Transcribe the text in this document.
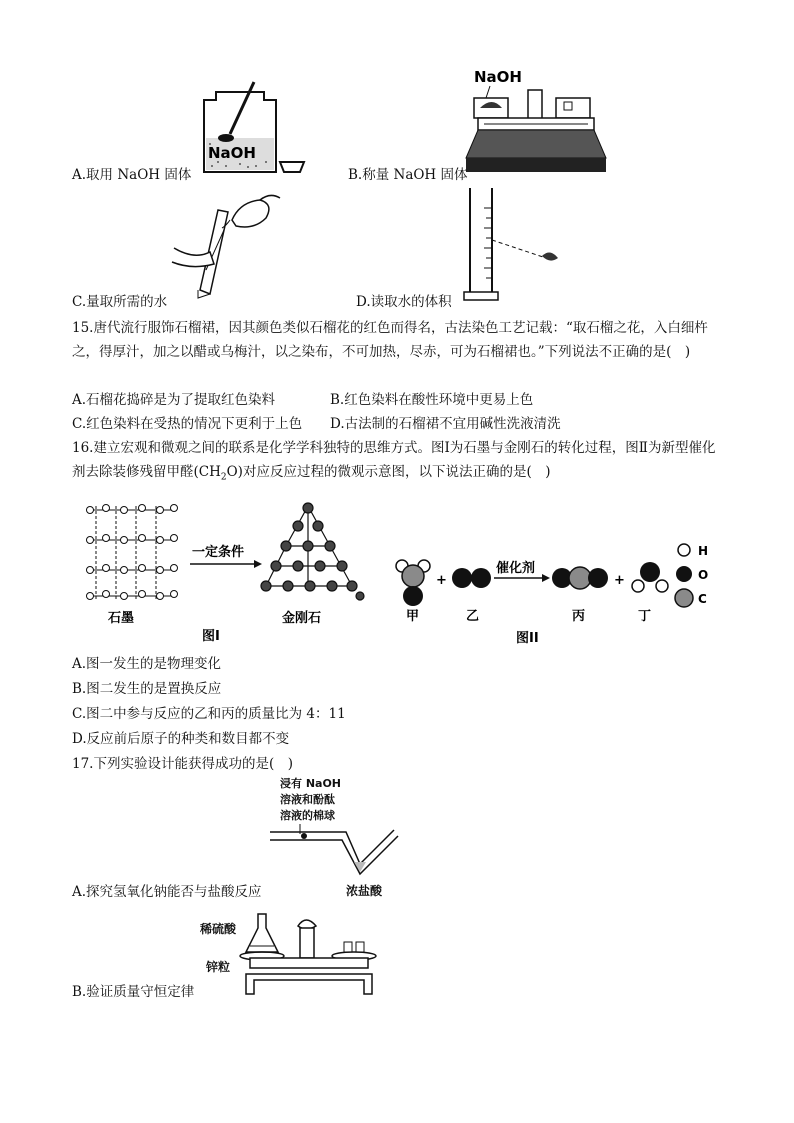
NaOH
A.取用 NaOH 固体
NaOH
B.称量 NaOH 固体
C.量取所需的水	D.读取水的体积
15.唐代流行服饰石榴裙，因其颜色类似石榴花的红色而得名，古法染色工艺记载：“取石榴之花，入白细杵之，得厚汁，加之以醋或乌梅汁，以之染布，不可加热，尽赤，可为石榴裙也。”下列说法不正确的是(　)
A.石榴花捣碎是为了提取红色染料	B.红色染料在酸性环境中更易上色
C.红色染料在受热的情况下更利于上色 D.古法制的石榴裙不宜用碱性洗液清洗
16.建立宏观和微观之间的联系是化学学科独特的思维方式。图Ⅰ为石墨与金刚石的转化过程，图Ⅱ为新型催化剂去除装修残留甲醛$(CH_2O)$对应反应过程的微观示意图，以下说法正确的是(　)
一定条件
石墨	金刚石
图I
+
催化剂
+
H
O
C
甲	乙	丙	丁
图II
A.图一发生的是物理变化
B.图二发生的是置换反应
C.图二中参与反应的乙和丙的质量比为 4：11
D.反应前后原子的种类和数目都不变
17.下列实验设计能获得成功的是(　)
浸有 NaOH
溶液和酚酞
溶液的棉球
浓盐酸
A.探究氢氧化钠能否与盐酸反应
稀硫酸
锌粒
B.验证质量守恒定律
